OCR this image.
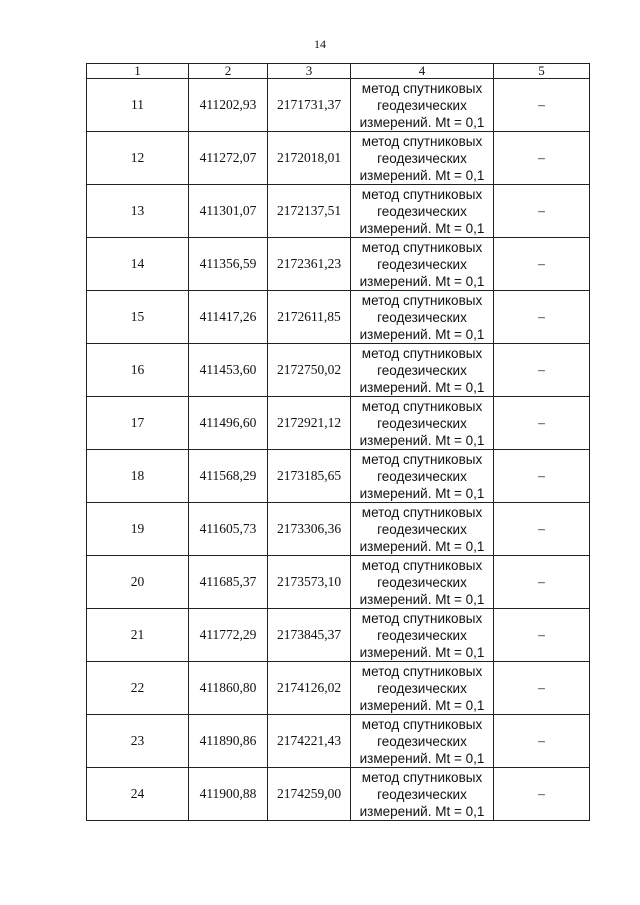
14
1	2	3	4	5
11	411202,93	2171731,37	метод спутниковых
геодезических
измерений. Mt = 0,1	–
12	411272,07	2172018,01	метод спутниковых
геодезических
измерений. Mt = 0,1	–
13	411301,07	2172137,51	метод спутниковых
геодезических
измерений. Mt = 0,1	–
14	411356,59	2172361,23	метод спутниковых
геодезических
измерений. Mt = 0,1	–
15	411417,26	2172611,85	метод спутниковых
геодезических
измерений. Mt = 0,1	–
16	411453,60	2172750,02	метод спутниковых
геодезических
измерений. Mt = 0,1	–
17	411496,60	2172921,12	метод спутниковых
геодезических
измерений. Mt = 0,1	–
18	411568,29	2173185,65	метод спутниковых
геодезических
измерений. Mt = 0,1	–
19	411605,73	2173306,36	метод спутниковых
геодезических
измерений. Mt = 0,1	–
20	411685,37	2173573,10	метод спутниковых
геодезических
измерений. Mt = 0,1	–
21	411772,29	2173845,37	метод спутниковых
геодезических
измерений. Mt = 0,1	–
22	411860,80	2174126,02	метод спутниковых
геодезических
измерений. Mt = 0,1	–
23	411890,86	2174221,43	метод спутниковых
геодезических
измерений. Mt = 0,1	–
24	411900,88	2174259,00	метод спутниковых
геодезических
измерений. Mt = 0,1	–
